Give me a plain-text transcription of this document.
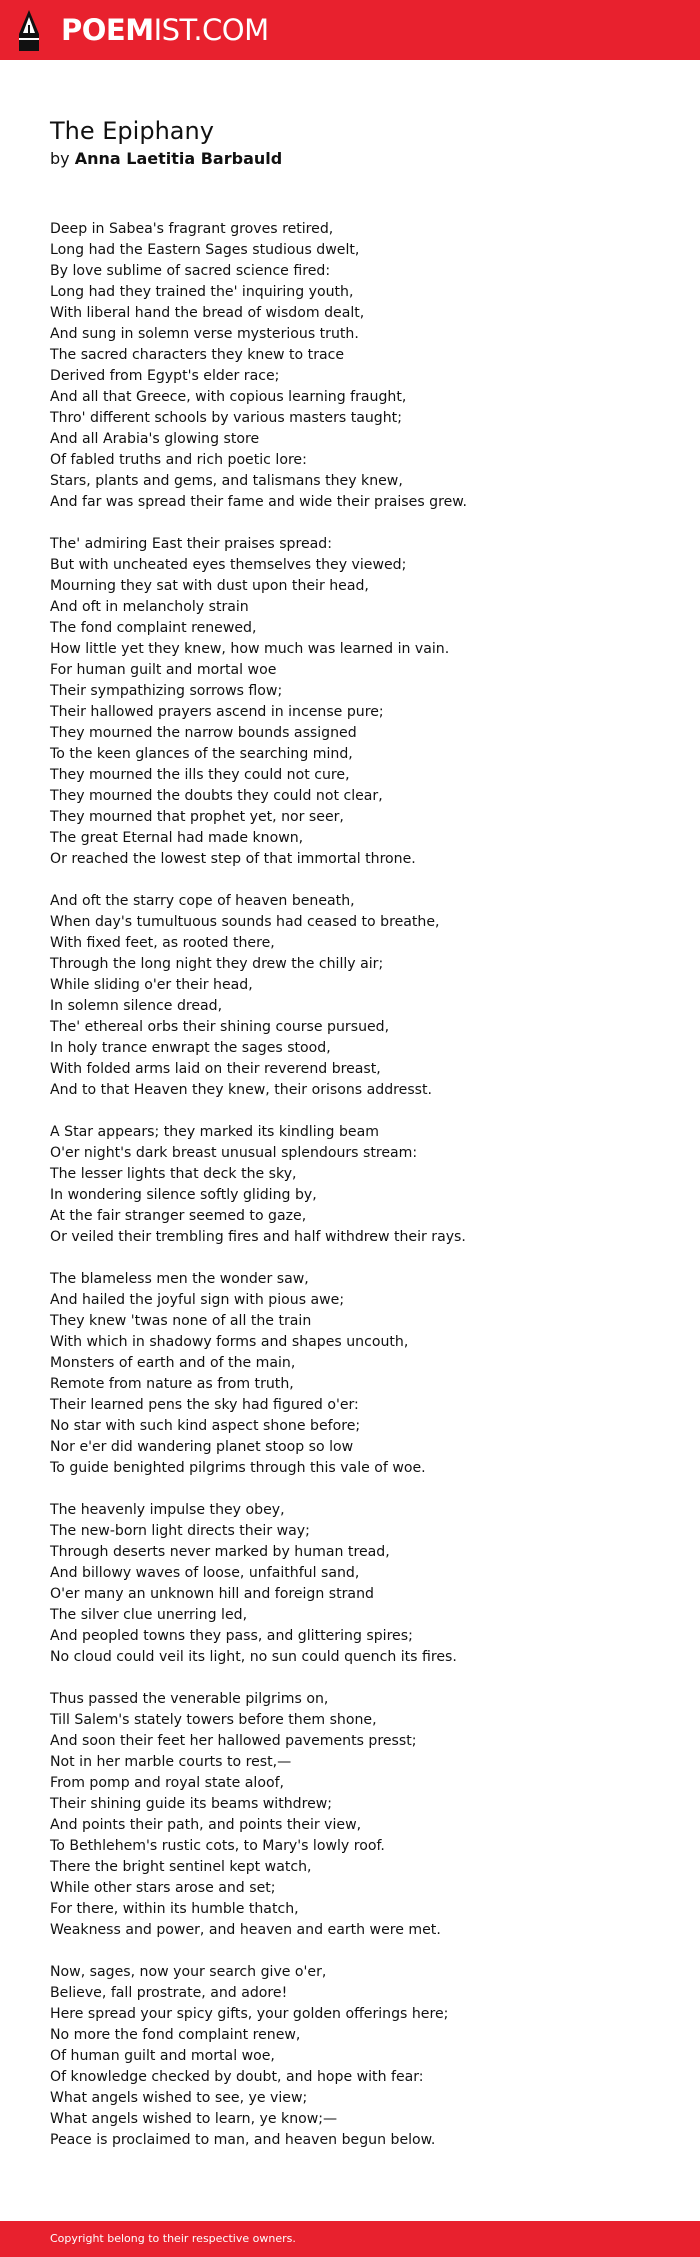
POEMIST.COM
The Epiphany
by Anna Laetitia Barbauld
Deep in Sabea's fragrant groves retired,
Long had the Eastern Sages studious dwelt,
By love sublime of sacred science fired:
Long had they trained the' inquiring youth,
With liberal hand the bread of wisdom dealt,
And sung in solemn verse mysterious truth.
The sacred characters they knew to trace
Derived from Egypt's elder race;
And all that Greece, with copious learning fraught,
Thro' different schools by various masters taught;
And all Arabia's glowing store
Of fabled truths and rich poetic lore:
Stars, plants and gems, and talismans they knew,
And far was spread their fame and wide their praises grew.
The' admiring East their praises spread:
But with uncheated eyes themselves they viewed;
Mourning they sat with dust upon their head,
And oft in melancholy strain
The fond complaint renewed,
How little yet they knew, how much was learned in vain.
For human guilt and mortal woe
Their sympathizing sorrows flow;
Their hallowed prayers ascend in incense pure;
They mourned the narrow bounds assigned
To the keen glances of the searching mind,
They mourned the ills they could not cure,
They mourned the doubts they could not clear,
They mourned that prophet yet, nor seer,
The great Eternal had made known,
Or reached the lowest step of that immortal throne.
And oft the starry cope of heaven beneath,
When day's tumultuous sounds had ceased to breathe,
With fixed feet, as rooted there,
Through the long night they drew the chilly air;
While sliding o'er their head,
In solemn silence dread,
The' ethereal orbs their shining course pursued,
In holy trance enwrapt the sages stood,
With folded arms laid on their reverend breast,
And to that Heaven they knew, their orisons addresst.
A Star appears; they marked its kindling beam
O'er night's dark breast unusual splendours stream:
The lesser lights that deck the sky,
In wondering silence softly gliding by,
At the fair stranger seemed to gaze,
Or veiled their trembling fires and half withdrew their rays.
The blameless men the wonder saw,
And hailed the joyful sign with pious awe;
They knew 'twas none of all the train
With which in shadowy forms and shapes uncouth,
Monsters of earth and of the main,
Remote from nature as from truth,
Their learned pens the sky had figured o'er:
No star with such kind aspect shone before;
Nor e'er did wandering planet stoop so low
To guide benighted pilgrims through this vale of woe.
The heavenly impulse they obey,
The new-born light directs their way;
Through deserts never marked by human tread,
And billowy waves of loose, unfaithful sand,
O'er many an unknown hill and foreign strand
The silver clue unerring led,
And peopled towns they pass, and glittering spires;
No cloud could veil its light, no sun could quench its fires.
Thus passed the venerable pilgrims on,
Till Salem's stately towers before them shone,
And soon their feet her hallowed pavements presst;
Not in her marble courts to rest,—
From pomp and royal state aloof,
Their shining guide its beams withdrew;
And points their path, and points their view,
To Bethlehem's rustic cots, to Mary's lowly roof.
There the bright sentinel kept watch,
While other stars arose and set;
For there, within its humble thatch,
Weakness and power, and heaven and earth were met.
Now, sages, now your search give o'er,
Believe, fall prostrate, and adore!
Here spread your spicy gifts, your golden offerings here;
No more the fond complaint renew,
Of human guilt and mortal woe,
Of knowledge checked by doubt, and hope with fear:
What angels wished to see, ye view;
What angels wished to learn, ye know;—
Peace is proclaimed to man, and heaven begun below.
Copyright belong to their respective owners.
